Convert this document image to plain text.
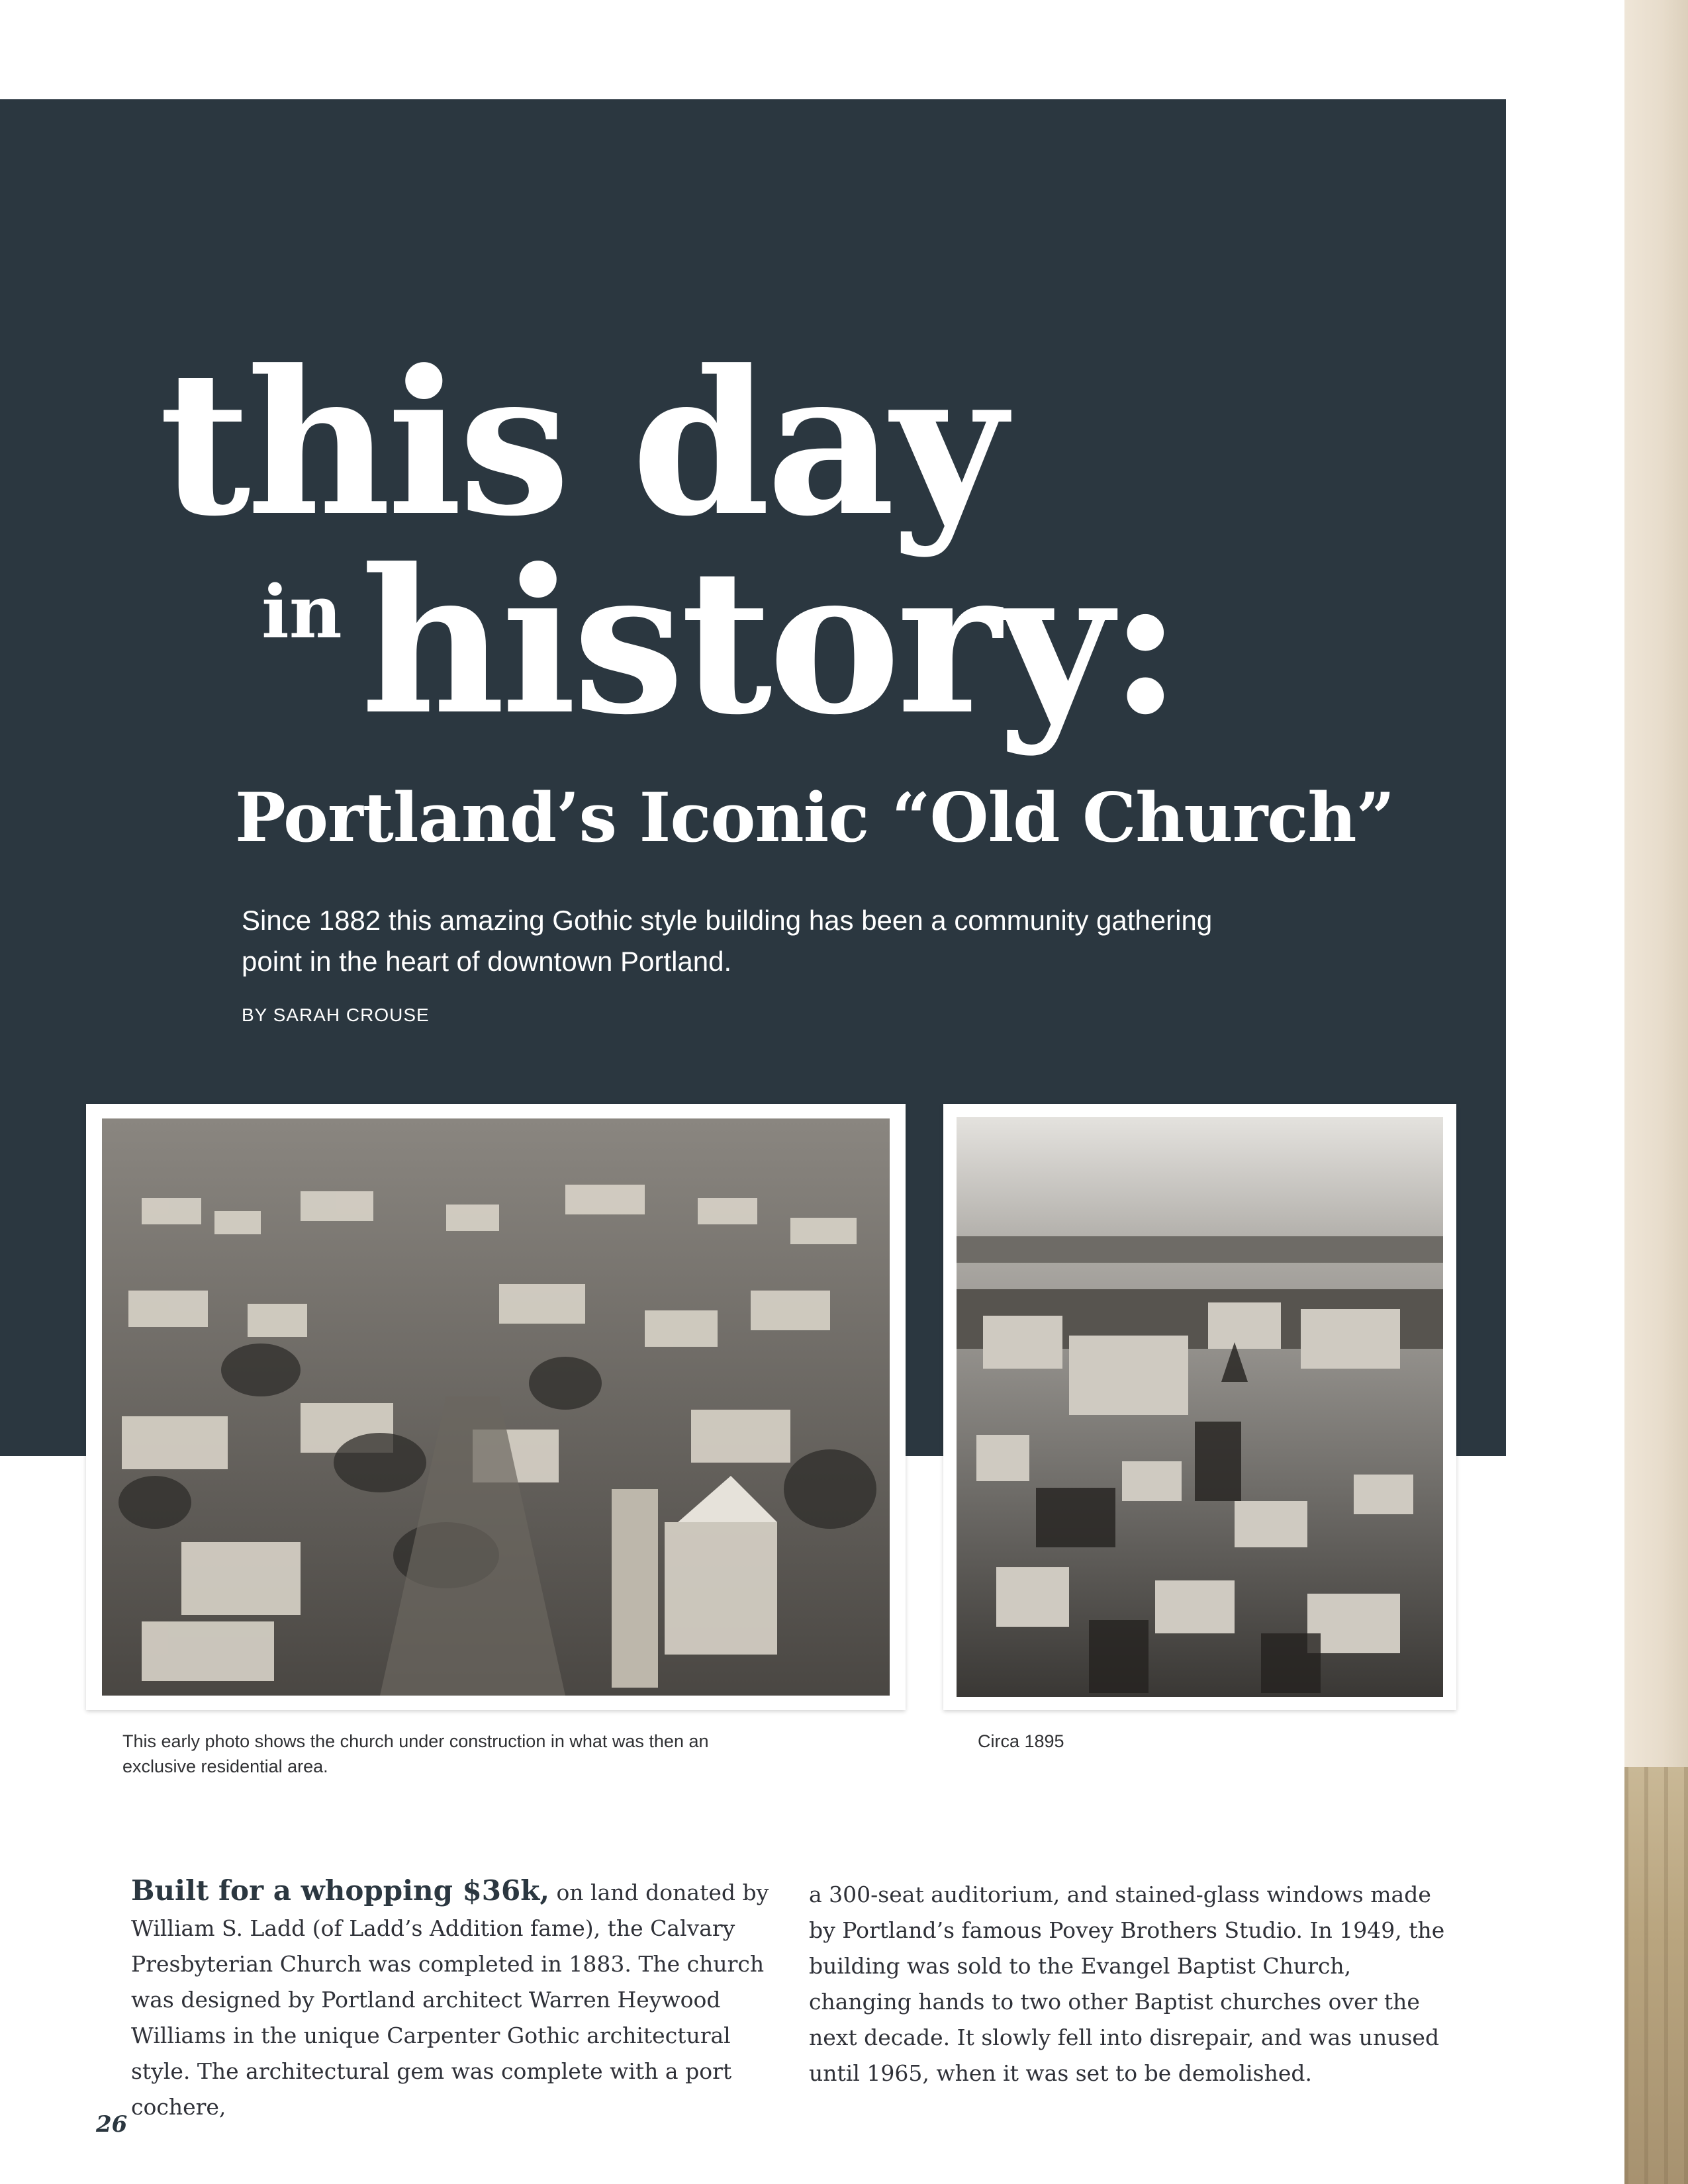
this day
in history:
Portland’s Iconic “Old Church”
Since 1882 this amazing Gothic style building has been a community gathering point in the heart of downtown Portland.
BY SARAH CROUSE
This early photo shows the church under construction in what was then an exclusive residential area.
Circa 1895
Built for a whopping $36k, on land donated by William S. Ladd (of Ladd’s Addition fame), the Calvary Presbyterian Church was completed in 1883. The church was designed by Portland architect Warren Heywood Williams in the unique Carpenter Gothic architectural style. The architectural gem was complete with a port cochere,
a 300-seat auditorium, and stained-glass windows made by Portland’s famous Povey Brothers Studio. In 1949, the building was sold to the Evangel Baptist Church, changing hands to two other Baptist churches over the next decade. It slowly fell into disrepair, and was unused until 1965, when it was set to be demolished.
26
